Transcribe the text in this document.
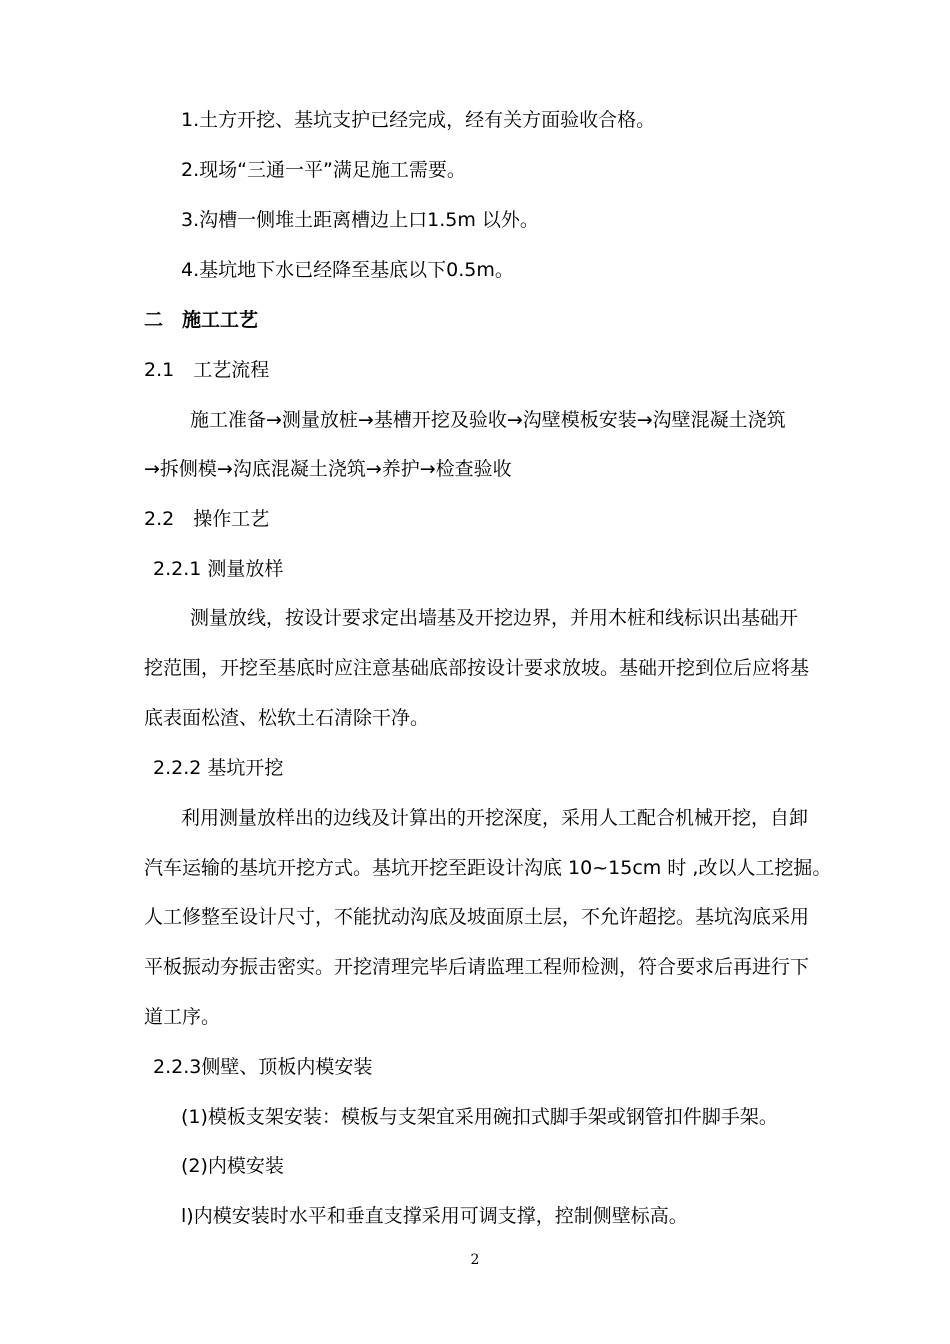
1.土方开挖、基坑支护已经完成，经有关方面验收合格。
2.现场“三通一平”满足施工需要。
3.沟槽一侧堆土距离槽边上口1.5m 以外。
4.基坑地下水已经降至基底以下0.5m。
二　施工工艺
2.1　工艺流程
施工准备→测量放桩→基槽开挖及验收→沟壁模板安装→沟壁混凝土浇筑
→拆侧模→沟底混凝土浇筑→养护→检查验收
2.2　操作工艺
2.2.1 测量放样
测量放线，按设计要求定出墙基及开挖边界，并用木桩和线标识出基础开
挖范围，开挖至基底时应注意基础底部按设计要求放坡。基础开挖到位后应将基
底表面松渣、松软土石清除干净。
2.2.2 基坑开挖
利用测量放样出的边线及计算出的开挖深度，采用人工配合机械开挖，自卸
汽车运输的基坑开挖方式。基坑开挖至距设计沟底 10~15cm 时 ,改以人工挖掘。
人工修整至设计尺寸，不能扰动沟底及坡面原土层，不允许超挖。基坑沟底采用
平板振动夯振击密实。开挖清理完毕后请监理工程师检测，符合要求后再进行下
道工序。
2.2.3侧壁、顶板内模安装
(1)模板支架安装：模板与支架宜采用碗扣式脚手架或钢管扣件脚手架。
(2)内模安装
l)内模安装时水平和垂直支撑采用可调支撑，控制侧壁标高。
2
